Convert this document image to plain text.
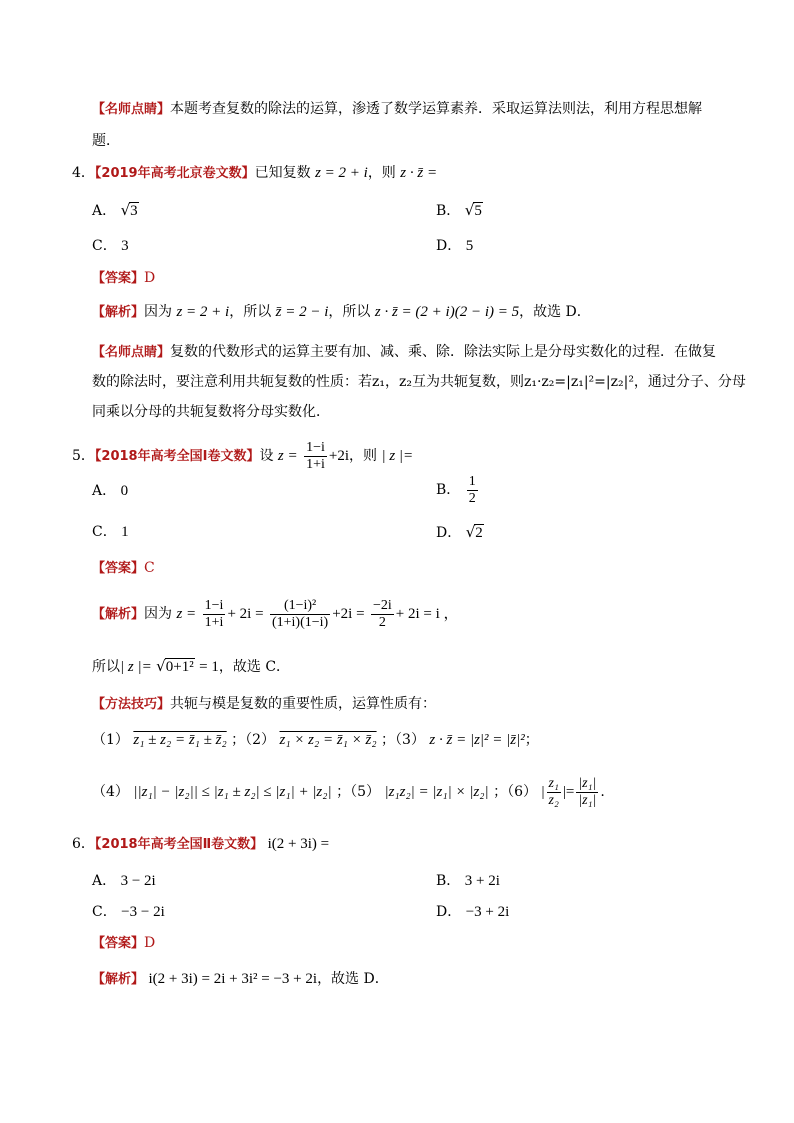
【名师点睛】本题考查复数的除法的运算，渗透了数学运算素养．采取运算法则法，利用方程思想解
题．
4．【2019年高考北京卷文数】已知复数 z = 2 + i，则 z · z̄ =
A． √3	B． √5
C． 3	D． 5
【答案】D
【解析】因为 z = 2 + i，所以 z̄ = 2 − i，所以 z · z̄ = (2 + i)(2 − i) = 5，故选 D．
【名师点睛】复数的代数形式的运算主要有加、减、乘、除．除法实际上是分母实数化的过程．在做复
数的除法时，要注意利用共轭复数的性质：若z₁，z₂互为共轭复数，则z₁·z₂=|z₁|²=|z₂|²，通过分子、分母
同乘以分母的共轭复数将分母实数化．
5．【2018年高考全国Ⅰ卷文数】设 $z = \frac{1-i}{1+i} +2i$，则 | z |=
A． 0	B． $\frac{1}{2}$
C． 1	D． √2
【答案】C
【解析】因为 $z = \frac{1-i}{1+i} + 2i = \frac{\text{(1−i)²}}{(1+i)(1-i)} +2i = \frac{-2i}{2} + 2i = i$ ，
所以| z |= √0+1² = 1，故选 C．
【方法技巧】共轭与模是复数的重要性质，运算性质有：
（1） z₁ ± z₂ = z̄₁ ± z̄₂ ；（2） z₁ × z₂ = z̄₁ × z̄₂ ；（3） z · z̄ = |z|² = |z̄|²；
（4） ||z₁| − |z₂|| ≤ |z₁ ± z₂| ≤ |z₁| + |z₂| ；（5） |z₁z₂| = |z₁| × |z₂| ；（6） | $\frac{\text{z₁}}{\text{z₂}}$ |= $\frac{\text{|z₁|}}{\text{|z₁|}}$ .
6．【2018年高考全国Ⅱ卷文数】 i(2 + 3i) =
A． 3 − 2i	B． 3 + 2i
C． −3 − 2i	D． −3 + 2i
【答案】D
【解析】 i(2 + 3i) = 2i + 3i² = −3 + 2i，故选 D．
